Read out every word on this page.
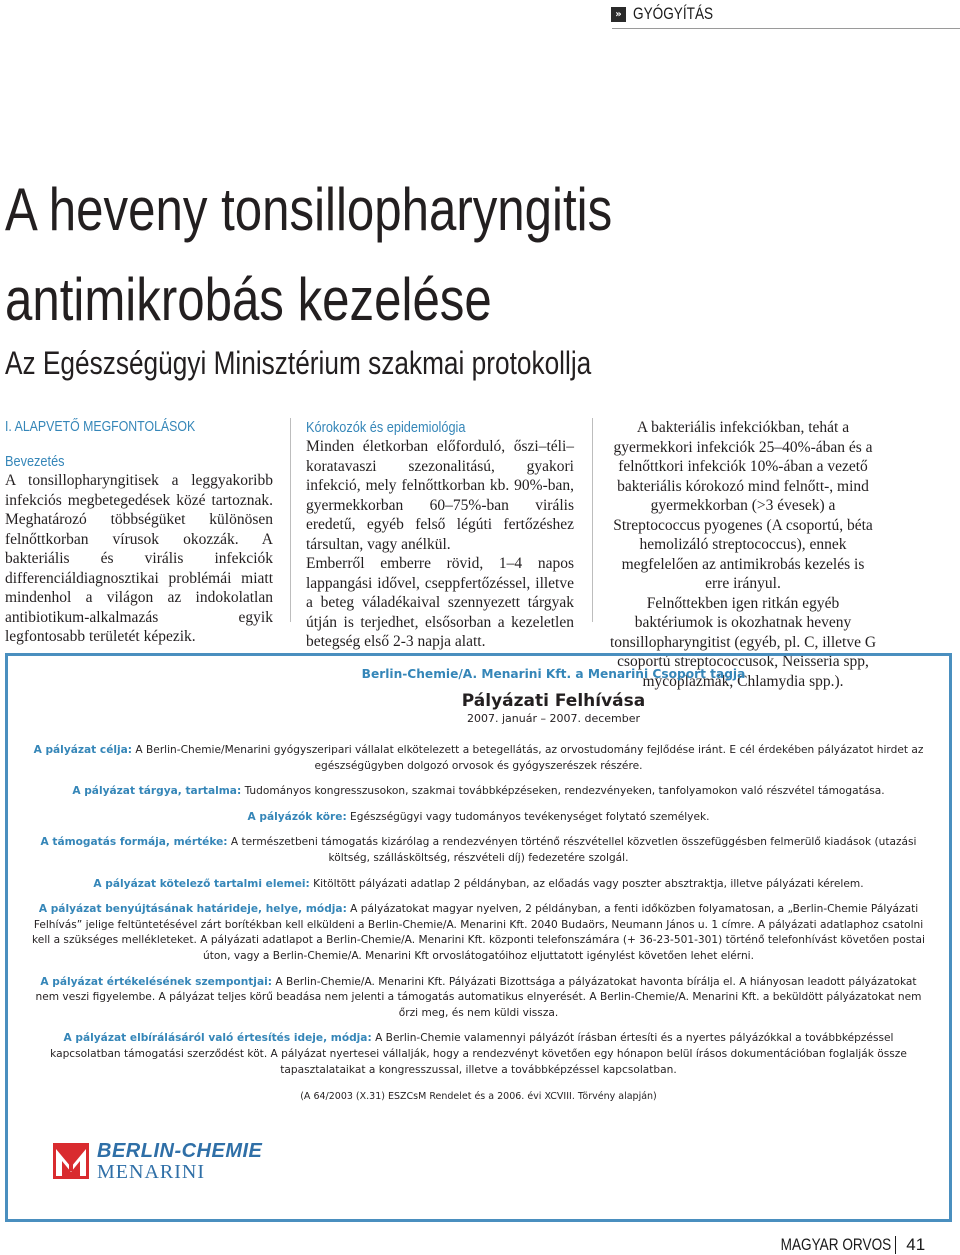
» GYÓGYÍTÁS
A heveny tonsillopharyngitis
antimikrobás kezelése
Az Egészségügyi Minisztérium szakmai protokollja
I. ALAPVETŐ MEGFONTOLÁSOK
Bevezetés

A tonsillopharyngitisek a leggyakoribb infekciós megbetegedések közé tartoznak. Meghatározó többségüket különösen felnőttkorban vírusok okozzák. A bakteriális és virális infekciók differenciáldiagnosztikai problémái miatt mindenhol a világon az indokolatlan antibiotikum-alkalmazás egyik legfontosabb területét képezik.

Kórokozók és epidemiológia

Minden életkorban előforduló, őszi–téli–koratavaszi szezonalitású, gyakori infekció, mely felnőttkorban kb. 90%-ban, gyermekkorban 60–75%-ban virális eredetű, egyéb felső légúti fertőzéshez társultan, vagy anélkül.

Emberről emberre rövid, 1–4 napos lappangási idővel, cseppfertőzéssel, illetve a beteg váladékaival szennyezett tárgyak útján is terjedhet, elsősorban a kezeletlen betegség első 2-3 napja alatt.

A bakteriális infekciókban, tehát a gyermekkori infekciók 25–40%-ában és a felnőttkori infekciók 10%-ában a vezető bakteriális kórokozó mind felnőtt-, mind gyermekkorban (>3 évesek) a Streptococcus pyogenes (A csoportú, béta hemolizáló streptococcus), ennek megfelelően az antimikrobás kezelés is erre irányul.

Felnőttekben igen ritkán egyéb baktériumok is okozhatnak heveny tonsillopharyngitist (egyéb, pl. C, illetve G csoportú streptococcusok, Neisseria spp, mycoplazmák, Chlamydia spp.).

Berlin-Chemie/A. Menarini Kft. a Menarini Csoport tagja
Pályázati Felhívása
2007. január – 2007. december

A pályázat célja: A Berlin-Chemie/Menarini gyógyszeripari vállalat elkötelezett a betegellátás, az orvostudomány fejlődése iránt. E cél érdekében pályázatot hirdet az egészségügyben dolgozó orvosok és gyógyszerészek részére.

A pályázat tárgya, tartalma: Tudományos kongresszusokon, szakmai továbbképzéseken, rendezvényeken, tanfolyamokon való részvétel támogatása.

A pályázók köre: Egészségügyi vagy tudományos tevékenységet folytató személyek.

A támogatás formája, mértéke: A természetbeni támogatás kizárólag a rendezvényen történő részvétellel közvetlen összefüggésben felmerülő kiadások (utazási költség, szállásköltség, részvételi díj) fedezetére szolgál.

A pályázat kötelező tartalmi elemei: Kitöltött pályázati adatlap 2 példányban, az előadás vagy poszter absztraktja, illetve pályázati kérelem.

A pályázat benyújtásának határideje, helye, módja: A pályázatokat magyar nyelven, 2 példányban, a fenti időközben folyamatosan, a „Berlin-Chemie Pályázati Felhívás” jelige feltüntetésével zárt borítékban kell elküldeni a Berlin-Chemie/A. Menarini Kft. 2040 Budaörs, Neumann János u. 1 címre. A pályázati adatlaphoz csatolni kell a szükséges mellékleteket. A pályázati adatlapot a Berlin-Chemie/A. Menarini Kft. központi telefonszámára (+ 36-23-501-301) történő telefonhívást követően postai úton, vagy a Berlin-Chemie/A. Menarini Kft orvoslátogatóihoz eljuttatott igénylést követően lehet elérni.

A pályázat értékelésének szempontjai: A Berlin-Chemie/A. Menarini Kft. Pályázati Bizottsága a pályázatokat havonta bírálja el. A hiányosan leadott pályázatokat nem veszi figyelembe. A pályázat teljes körű beadása nem jelenti a támogatás automatikus elnyerését. A Berlin-Chemie/A. Menarini Kft. a beküldött pályázatokat nem őrzi meg, és nem küldi vissza.

A pályázat elbírálásáról való értesítés ideje, módja: A Berlin-Chemie valamennyi pályázót írásban értesíti és a nyertes pályázókkal a továbbképzéssel kapcsolatban támogatási szerződést köt. A pályázat nyertesei vállalják, hogy a rendezvényt követően egy hónapon belül írásos dokumentációban foglalják össze tapasztalataikat a kongresszussal, illetve a továbbképzéssel kapcsolatban.

(A 64/2003 (X.31) ESZCsM Rendelet és a 2006. évi XCVIII. Törvény alapján)
BERLIN-CHEMIE
MENARINI
MAGYAR ORVOS 41
